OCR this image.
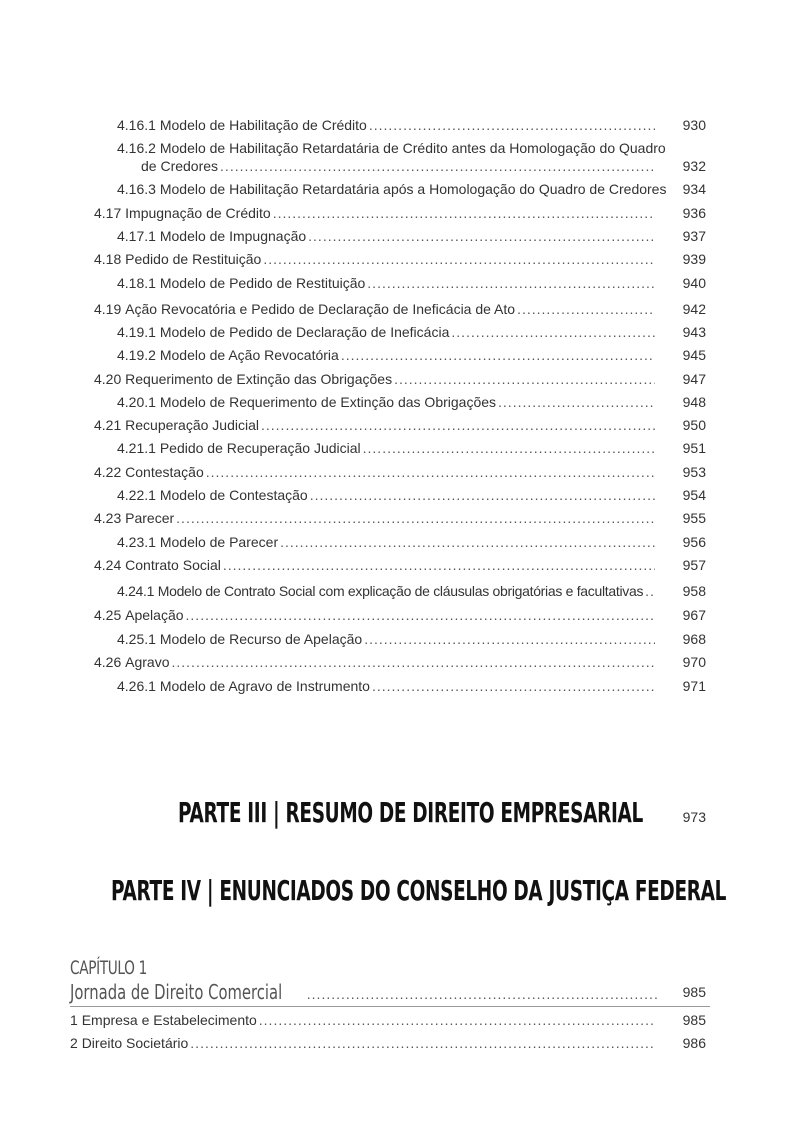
4.16.1
Modelo de Habilitação de Crédito .....	930
4.16.2
Modelo de Habilitação Retardatária de Crédito antes da Homologação do Quadro
de Credores .....	932
4.16.3
Modelo de Habilitação Retardatária após a Homologação do Quadro de Credores	934
4.17
Impugnação de Crédito .....	936
4.17.1
Modelo de Impugnação .....	937
4.18
Pedido de Restituição .....	939
4.18.1
Modelo de Pedido de Restituição .....	940
4.19
Ação Revocatória e Pedido de Declaração de Ineficácia de Ato .....	942
4.19.1
Modelo de Pedido de Declaração de Ineficácia .....	943
4.19.2
Modelo de Ação Revocatória .....	945
4.20
Requerimento de Extinção das Obrigações .....	947
4.20.1
Modelo de Requerimento de Extinção das Obrigações .....	948
4.21
Recuperação Judicial .....	950
4.21.1
Pedido de Recuperação Judicial .....	951
4.22
Contestação .....	953
4.22.1
Modelo de Contestação .....	954
4.23
Parecer .....	955
4.23.1
Modelo de Parecer .....	956
4.24
Contrato Social .....	957
4.24.1
Modelo de Contrato Social com explicação de cláusulas obrigatórias e facultativas .....	958
4.25
Apelação .....	967
4.25.1
Modelo de Recurso de Apelação .....	968
4.26
Agravo .....	970
4.26.1
Modelo de Agravo de Instrumento .....	971
PARTE III | RESUMO DE DIREITO EMPRESARIAL	973
PARTE IV | ENUNCIADOS DO CONSELHO DA JUSTIÇA FEDERAL
CAPÍTULO 1
Jornada de Direito Comercial .....	985
1
Empresa e Estabelecimento .....	985
2
Direito Societário .....	986
